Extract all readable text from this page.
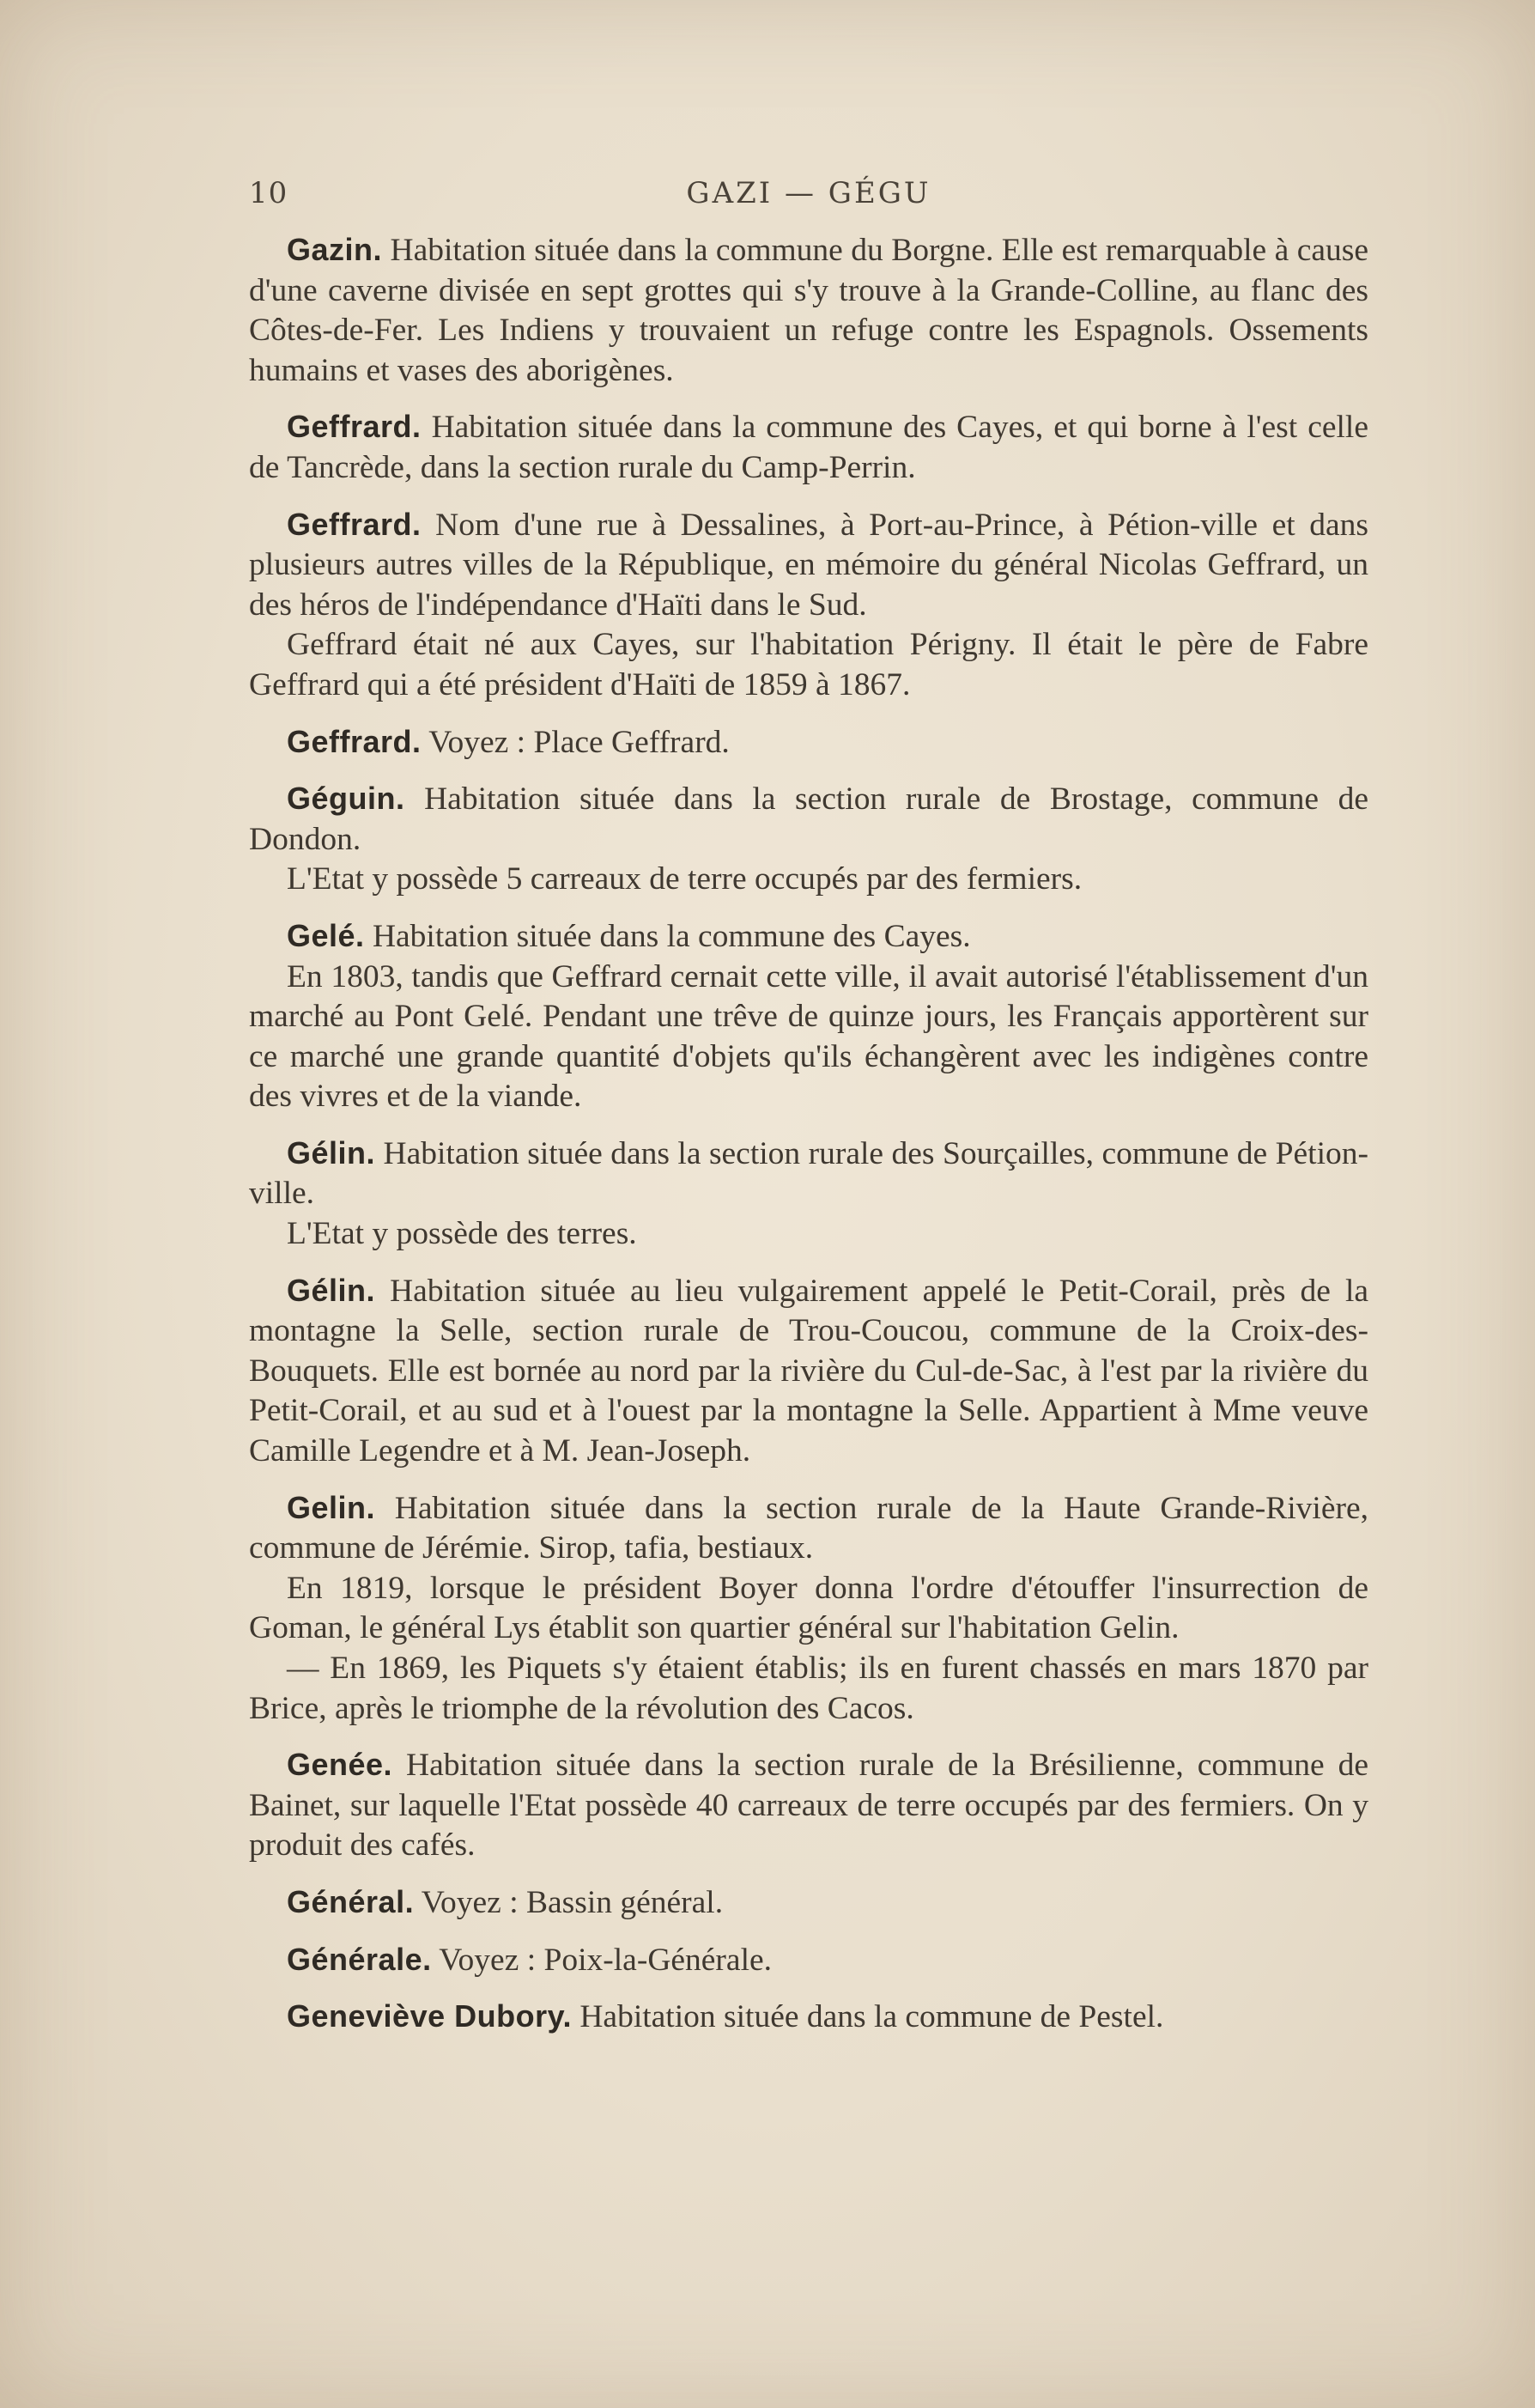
10	GAZI — GÉGU

Gazin. Habitation située dans la commune du Borgne. Elle est remarquable à cause d'une caverne divisée en sept grottes qui s'y trouve à la Grande-Colline, au flanc des Côtes-de-Fer. Les Indiens y trouvaient un refuge contre les Espagnols. Ossements humains et vases des aborigènes.

Geffrard. Habitation située dans la commune des Cayes, et qui borne à l'est celle de Tancrède, dans la section rurale du Camp-Perrin.

Geffrard. Nom d'une rue à Dessalines, à Port-au-Prince, à Pétion-ville et dans plusieurs autres villes de la République, en mémoire du général Nicolas Geffrard, un des héros de l'indépendance d'Haïti dans le Sud.

Geffrard était né aux Cayes, sur l'habitation Périgny. Il était le père de Fabre Geffrard qui a été président d'Haïti de 1859 à 1867.

Geffrard. Voyez : Place Geffrard.

Géguin. Habitation située dans la section rurale de Brostage, commune de Dondon.

L'Etat y possède 5 carreaux de terre occupés par des fermiers.

Gelé. Habitation située dans la commune des Cayes.

En 1803, tandis que Geffrard cernait cette ville, il avait autorisé l'établissement d'un marché au Pont Gelé. Pendant une trêve de quinze jours, les Français apportèrent sur ce marché une grande quantité d'objets qu'ils échangèrent avec les indigènes contre des vivres et de la viande.

Gélin. Habitation située dans la section rurale des Sourçailles, commune de Pétion-ville.

L'Etat y possède des terres.

Gélin. Habitation située au lieu vulgairement appelé le Petit-Corail, près de la montagne la Selle, section rurale de Trou-Coucou, commune de la Croix-des-Bouquets. Elle est bornée au nord par la rivière du Cul-de-Sac, à l'est par la rivière du Petit-Corail, et au sud et à l'ouest par la montagne la Selle. Appartient à Mme veuve Camille Legendre et à M. Jean-Joseph.

Gelin. Habitation située dans la section rurale de la Haute Grande-Rivière, commune de Jérémie. Sirop, tafia, bestiaux.

En 1819, lorsque le président Boyer donna l'ordre d'étouffer l'insurrection de Goman, le général Lys établit son quartier général sur l'habitation Gelin.

— En 1869, les Piquets s'y étaient établis; ils en furent chassés en mars 1870 par Brice, après le triomphe de la révolution des Cacos.

Genée. Habitation située dans la section rurale de la Brésilienne, commune de Bainet, sur laquelle l'Etat possède 40 carreaux de terre occupés par des fermiers. On y produit des cafés.

Général. Voyez : Bassin général.

Générale. Voyez : Poix-la-Générale.

Geneviève Dubory. Habitation située dans la commune de Pestel.
